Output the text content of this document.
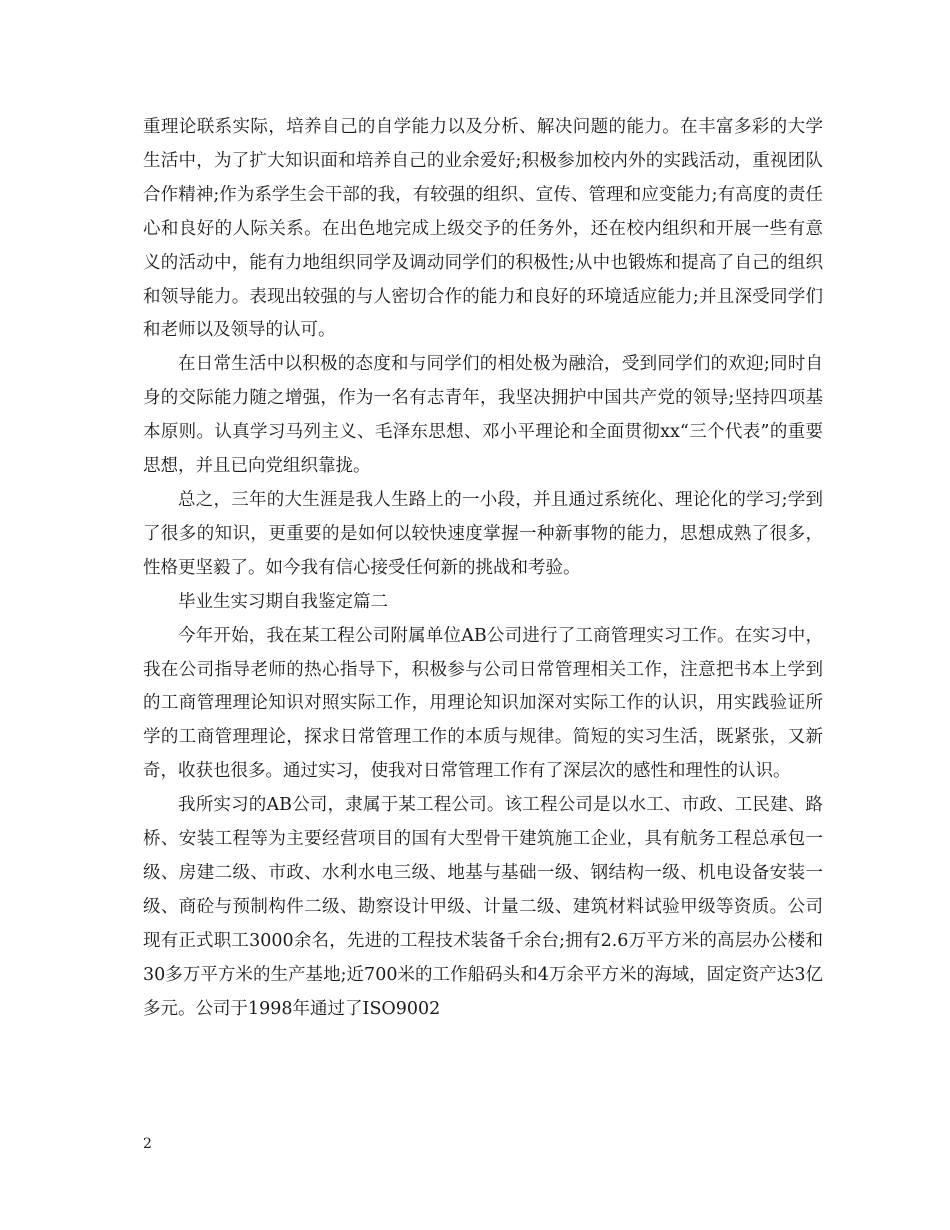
重理论联系实际，培养自己的自学能力以及分析、解决问题的能力。在丰富多彩的大学生活中，为了扩大知识面和培养自己的业余爱好;积极参加校内外的实践活动，重视团队合作精神;作为系学生会干部的我，有较强的组织、宣传、管理和应变能力;有高度的责任心和良好的人际关系。在出色地完成上级交予的任务外，还在校内组织和开展一些有意义的活动中，能有力地组织同学及调动同学们的积极性;从中也锻炼和提高了自己的组织和领导能力。表现出较强的与人密切合作的能力和良好的环境适应能力;并且深受同学们和老师以及领导的认可。

在日常生活中以积极的态度和与同学们的相处极为融洽，受到同学们的欢迎;同时自身的交际能力随之增强，作为一名有志青年，我坚决拥护中国共产党的领导;坚持四项基本原则。认真学习马列主义、毛泽东思想、邓小平理论和全面贯彻xx“三个代表”的重要思想，并且已向党组织靠拢。

总之，三年的大生涯是我人生路上的一小段，并且通过系统化、理论化的学习;学到了很多的知识，更重要的是如何以较快速度掌握一种新事物的能力，思想成熟了很多，性格更坚毅了。如今我有信心接受任何新的挑战和考验。

毕业生实习期自我鉴定篇二

今年开始，我在某工程公司附属单位AB公司进行了工商管理实习工作。在实习中，我在公司指导老师的热心指导下，积极参与公司日常管理相关工作，注意把书本上学到的工商管理理论知识对照实际工作，用理论知识加深对实际工作的认识，用实践验证所学的工商管理理论，探求日常管理工作的本质与规律。简短的实习生活，既紧张，又新奇，收获也很多。通过实习，使我对日常管理工作有了深层次的感性和理性的认识。

我所实习的AB公司，隶属于某工程公司。该工程公司是以水工、市政、工民建、路桥、安装工程等为主要经营项目的国有大型骨干建筑施工企业，具有航务工程总承包一级、房建二级、市政、水利水电三级、地基与基础一级、钢结构一级、机电设备安装一级、商砼与预制构件二级、勘察设计甲级、计量二级、建筑材料试验甲级等资质。公司现有正式职工3000余名，先进的工程技术装备千余台;拥有2.6万平方米的高层办公楼和30多万平方米的生产基地;近700米的工作船码头和4万余平方米的海域，固定资产达3亿多元。公司于1998年通过了ISO9002

2
